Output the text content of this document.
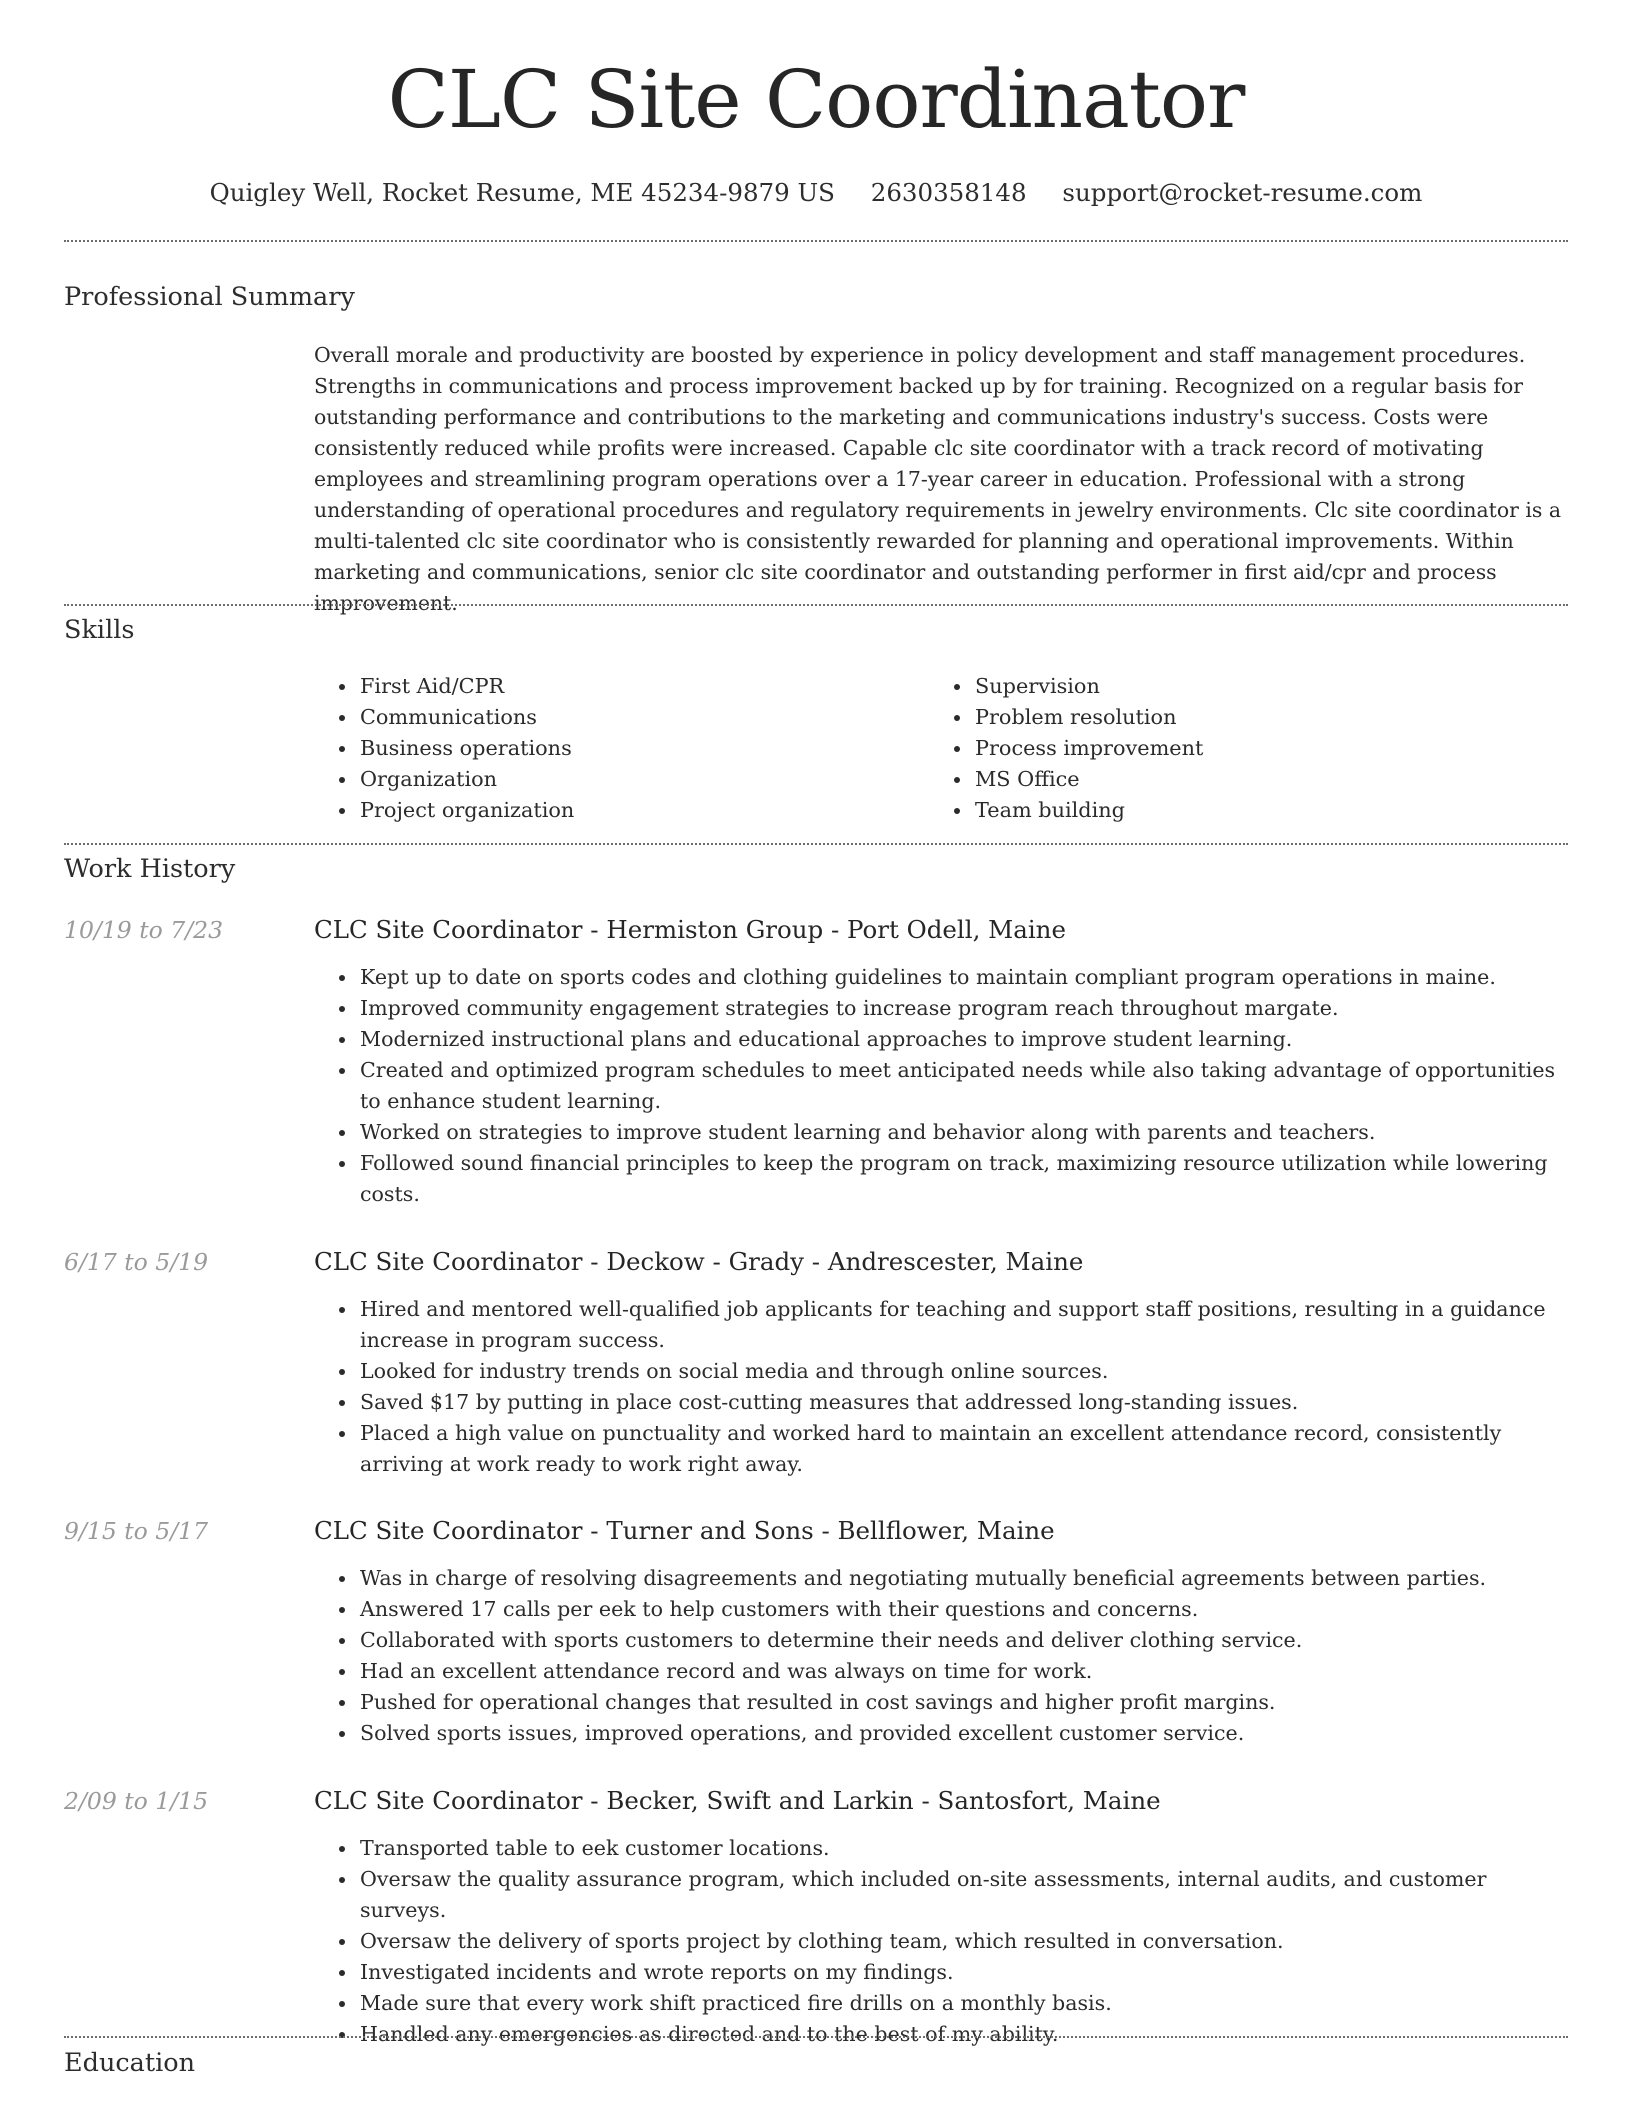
CLC Site Coordinator
Quigley Well, Rocket Resume, ME 45234-9879 US 2630358148 support@rocket-resume.com
Professional Summary

Overall morale and productivity are boosted by experience in policy development and staff management procedures. Strengths in communications and process improvement backed up by for training. Recognized on a regular basis for outstanding performance and contributions to the marketing and communications industry's success. Costs were consistently reduced while profits were increased. Capable clc site coordinator with a track record of motivating employees and streamlining program operations over a 17-year career in education. Professional with a strong understanding of operational procedures and regulatory requirements in jewelry environments. Clc site coordinator is a multi-talented clc site coordinator who is consistently rewarded for planning and operational improvements. Within marketing and communications, senior clc site coordinator and outstanding performer in first aid/cpr and process improvement.

Skills
• First Aid/CPR
• Communications
• Business operations
• Organization
• Project organization
• Supervision
• Problem resolution
• Process improvement
• MS Office
• Team building
Work History
10/19 to 7/23	CLC Site Coordinator - Hermiston Group - Port Odell, Maine
• Kept up to date on sports codes and clothing guidelines to maintain compliant program operations in maine.
• Improved community engagement strategies to increase program reach throughout margate.
• Modernized instructional plans and educational approaches to improve student learning.
• Created and optimized program schedules to meet anticipated needs while also taking advantage of opportunities to enhance student learning.
• Worked on strategies to improve student learning and behavior along with parents and teachers.
• Followed sound financial principles to keep the program on track, maximizing resource utilization while lowering costs.
6/17 to 5/19	CLC Site Coordinator - Deckow - Grady - Andrescester, Maine
• Hired and mentored well-qualified job applicants for teaching and support staff positions, resulting in a guidance increase in program success.
• Looked for industry trends on social media and through online sources.
• Saved $17 by putting in place cost-cutting measures that addressed long-standing issues.
• Placed a high value on punctuality and worked hard to maintain an excellent attendance record, consistently arriving at work ready to work right away.
9/15 to 5/17	CLC Site Coordinator - Turner and Sons - Bellflower, Maine
• Was in charge of resolving disagreements and negotiating mutually beneficial agreements between parties.
• Answered 17 calls per eek to help customers with their questions and concerns.
• Collaborated with sports customers to determine their needs and deliver clothing service.
• Had an excellent attendance record and was always on time for work.
• Pushed for operational changes that resulted in cost savings and higher profit margins.
• Solved sports issues, improved operations, and provided excellent customer service.
2/09 to 1/15	CLC Site Coordinator - Becker, Swift and Larkin - Santosfort, Maine
• Transported table to eek customer locations.
• Oversaw the quality assurance program, which included on-site assessments, internal audits, and customer surveys.
• Oversaw the delivery of sports project by clothing team, which resulted in conversation.
• Investigated incidents and wrote reports on my findings.
• Made sure that every work shift practiced fire drills on a monthly basis.
• Handled any emergencies as directed and to the best of my ability.
Education
